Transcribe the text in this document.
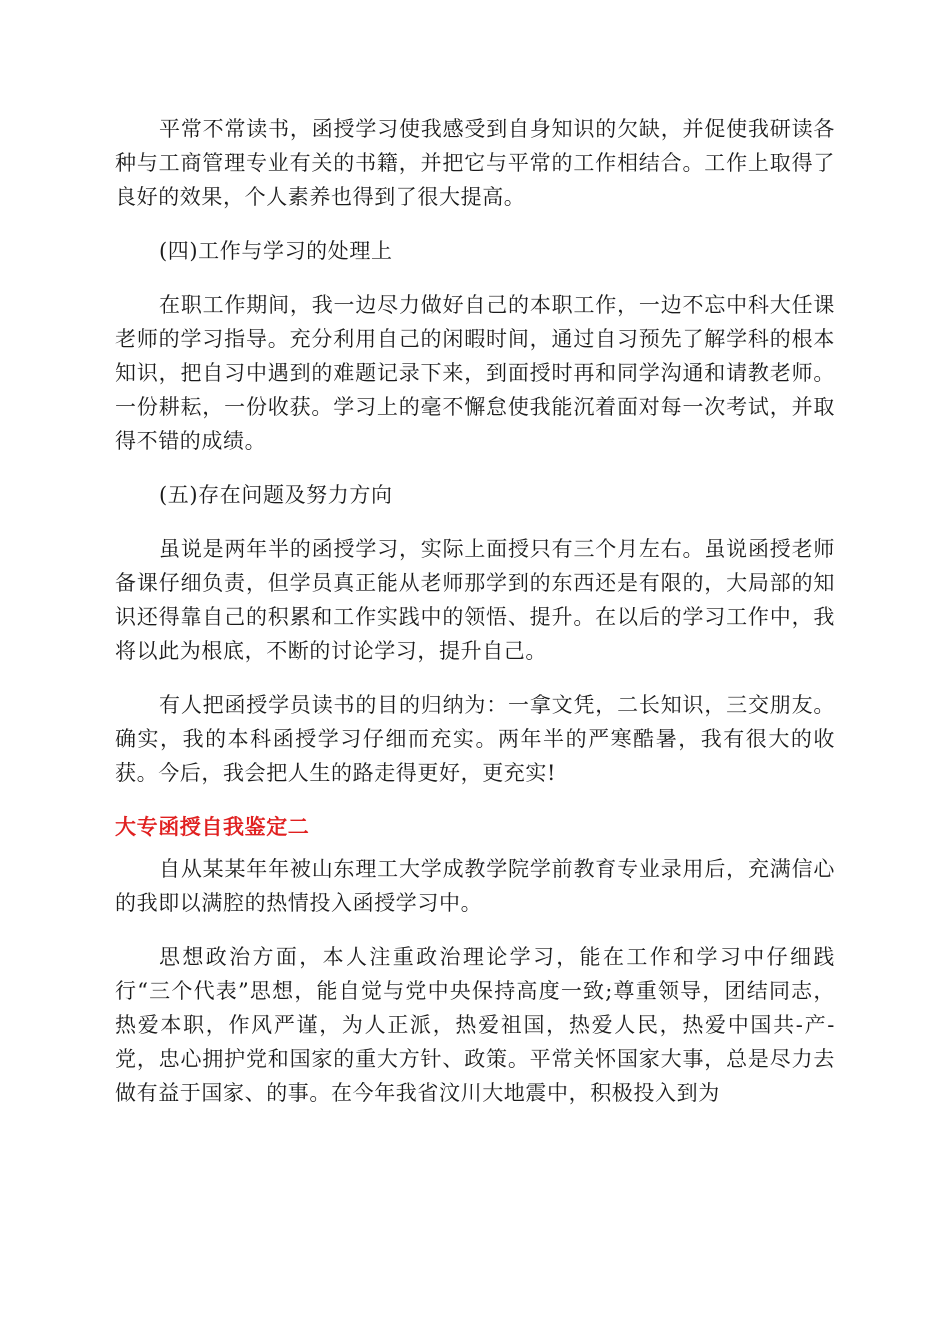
平常不常读书，函授学习使我感受到自身知识的欠缺，并促使我研读各种与工商管理专业有关的书籍，并把它与平常的工作相结合。工作上取得了良好的效果，个人素养也得到了很大提高。

(四)工作与学习的处理上

在职工作期间，我一边尽力做好自己的本职工作，一边不忘中科大任课老师的学习指导。充分利用自己的闲暇时间，通过自习预先了解学科的根本知识，把自习中遇到的难题记录下来，到面授时再和同学沟通和请教老师。一份耕耘，一份收获。学习上的毫不懈怠使我能沉着面对每一次考试，并取得不错的成绩。

(五)存在问题及努力方向

虽说是两年半的函授学习，实际上面授只有三个月左右。虽说函授老师备课仔细负责，但学员真正能从老师那学到的东西还是有限的，大局部的知识还得靠自己的积累和工作实践中的领悟、提升。在以后的学习工作中，我将以此为根底，不断的讨论学习，提升自己。

有人把函授学员读书的目的归纳为：一拿文凭，二长知识，三交朋友。确实，我的本科函授学习仔细而充实。两年半的严寒酷暑，我有很大的收获。今后，我会把人生的路走得更好，更充实!

大专函授自我鉴定二

自从某某年年被山东理工大学成教学院学前教育专业录用后，充满信心的我即以满腔的热情投入函授学习中。

思想政治方面，本人注重政治理论学习，能在工作和学习中仔细践行“三个代表”思想，能自觉与党中央保持高度一致;尊重领导，团结同志，热爱本职，作风严谨，为人正派，热爱祖国，热爱人民，热爱中国共-产-党，忠心拥护党和国家的重大方针、政策。平常关怀国家大事，总是尽力去做有益于国家、的事。在今年我省汶川大地震中，积极投入到为
